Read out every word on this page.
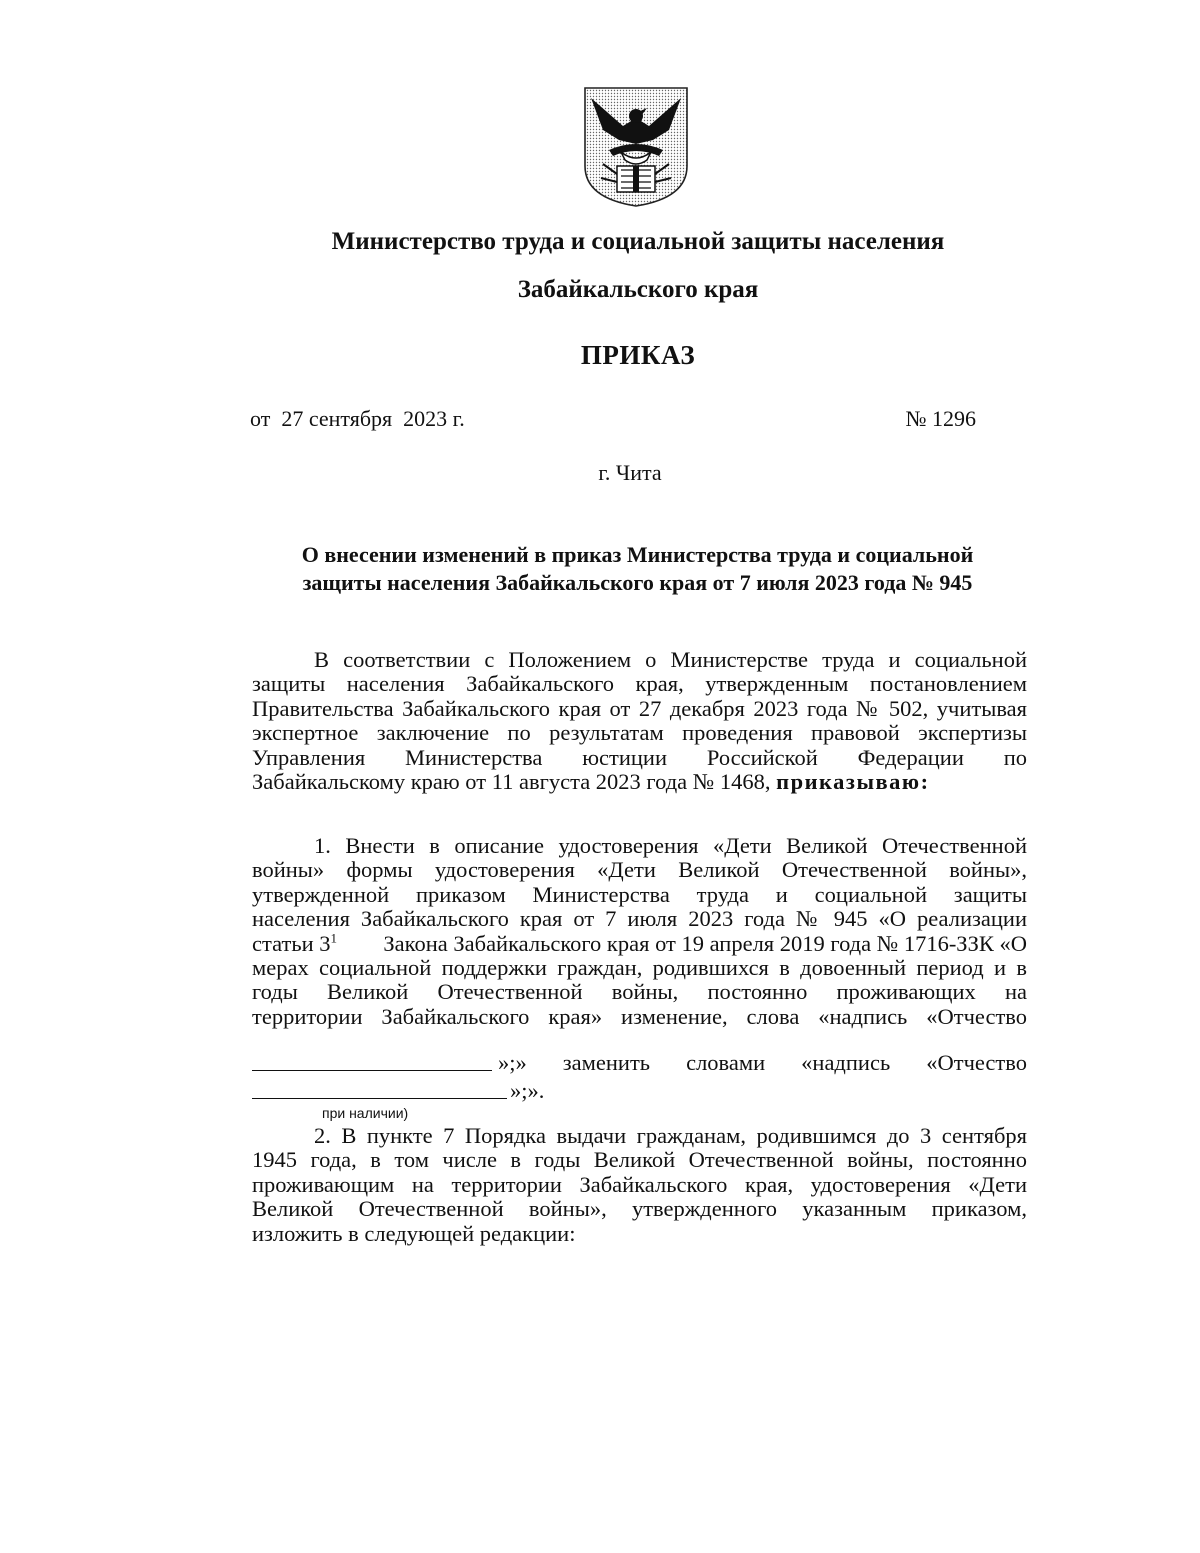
Министерство труда и социальной защиты населения
Забайкальского края
ПРИКАЗ
от  27 сентября  2023 г.	№ 1296
г. Чита
О внесении изменений в приказ Министерства труда и социальной
защиты населения Забайкальского края от 7 июля 2023 года № 945
В соответствии с Положением о Министерстве труда и социальной
защиты населения Забайкальского края, утвержденным постановлением
Правительства Забайкальского края от 27 декабря 2023 года № 502, учитывая
экспертное заключение по результатам проведения правовой экспертизы
Управления Министерства юстиции Российской Федерации по
Забайкальскому краю от 11 августа 2023 года № 1468, приказываю:
1. Внести в описание удостоверения «Дети Великой Отечественной
войны» формы удостоверения «Дети Великой Отечественной войны»,
утвержденной приказом Министерства труда и социальной защиты
населения Забайкальского края от 7 июля 2023 года № 945 «О реализации
статьи $3^1$ Закона Забайкальского края от 19 апреля 2019 года № 1716-ЗЗК «О
мерах социальной поддержки граждан, родившихся в довоенный период и в
годы Великой Отечественной войны, постоянно проживающих на
территории Забайкальского края» изменение, слова «надпись «Отчество
»;» заменить словами «надпись «Отчество
»;».
при наличии)
2. В пункте 7 Порядка выдачи гражданам, родившимся до 3 сентября
1945 года, в том числе в годы Великой Отечественной войны, постоянно
проживающим на территории Забайкальского края, удостоверения «Дети
Великой Отечественной войны», утвержденного указанным приказом,
изложить в следующей редакции:
